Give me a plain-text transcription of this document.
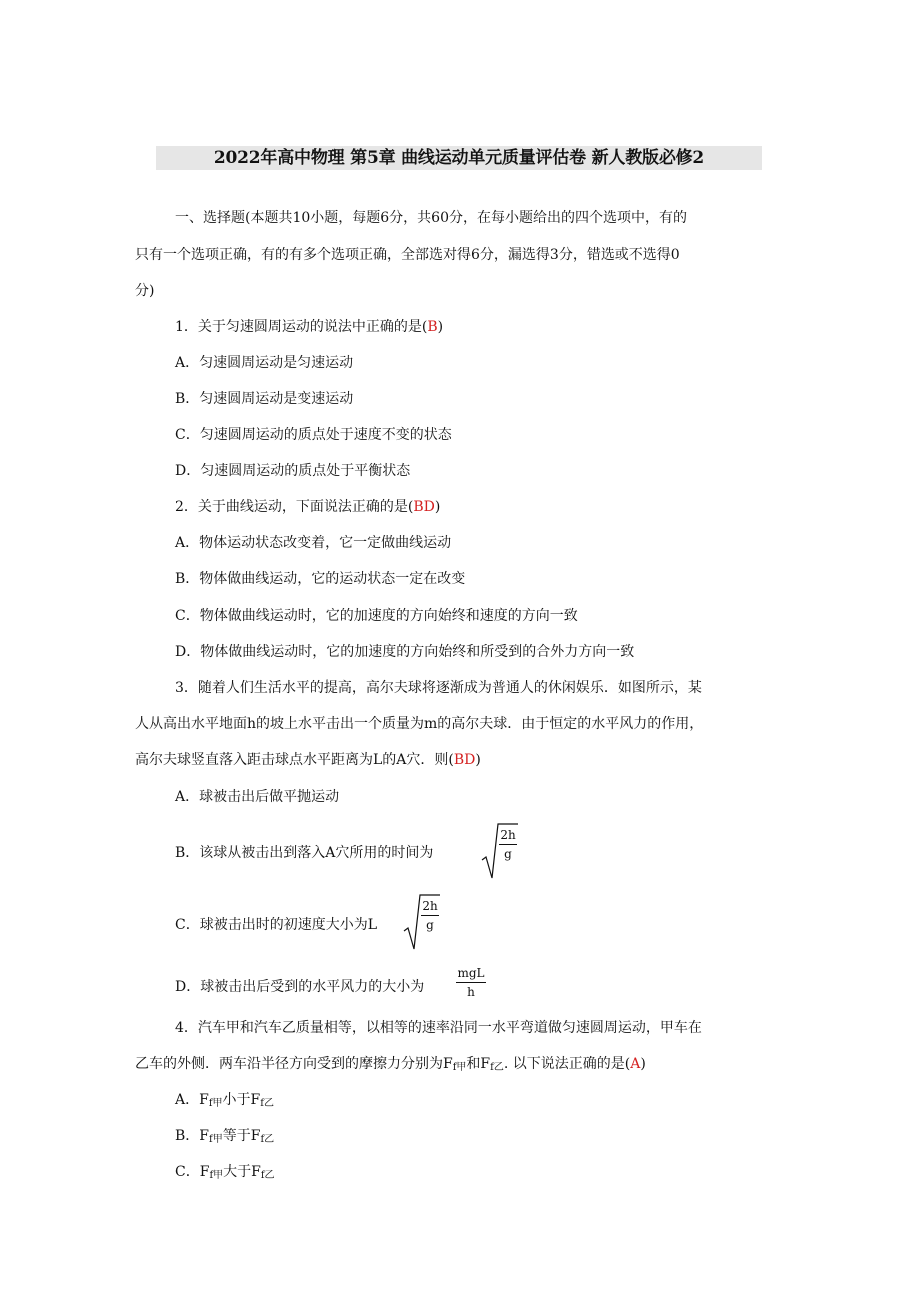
2022年高中物理 第5章 曲线运动单元质量评估卷 新人教版必修2
一、选择题(本题共10小题，每题6分，共60分，在每小题给出的四个选项中，有的
只有一个选项正确，有的有多个选项正确，全部选对得6分，漏选得3分，错选或不选得0
分)
1．关于匀速圆周运动的说法中正确的是(B)
A．匀速圆周运动是匀速运动
B．匀速圆周运动是变速运动
C．匀速圆周运动的质点处于速度不变的状态
D．匀速圆周运动的质点处于平衡状态
2．关于曲线运动，下面说法正确的是(BD)
A．物体运动状态改变着，它一定做曲线运动
B．物体做曲线运动，它的运动状态一定在改变
C．物体做曲线运动时，它的加速度的方向始终和速度的方向一致
D．物体做曲线运动时，它的加速度的方向始终和所受到的合外力方向一致
3．随着人们生活水平的提高，高尔夫球将逐渐成为普通人的休闲娱乐．如图所示，某
人从高出水平地面h的坡上水平击出一个质量为m的高尔夫球．由于恒定的水平风力的作用，
高尔夫球竖直落入距击球点水平距离为L的A穴．则(BD)
A．球被击出后做平抛运动
B．该球从被击出到落入A穴所用的时间为
2h
g
C．球被击出时的初速度大小为L
2h
g
D．球被击出后受到的水平风力的大小为
mgL
h
4．汽车甲和汽车乙质量相等，以相等的速率沿同一水平弯道做匀速圆周运动，甲车在
乙车的外侧．两车沿半径方向受到的摩擦力分别为$F_{f甲}$和$F_{f乙}$. 以下说法正确的是(A)
A．$F_{f甲}$小于$F_{f乙}$
B．$F_{f甲}$等于$F_{f乙}$
C．$F_{f甲}$大于$F_{f乙}$
